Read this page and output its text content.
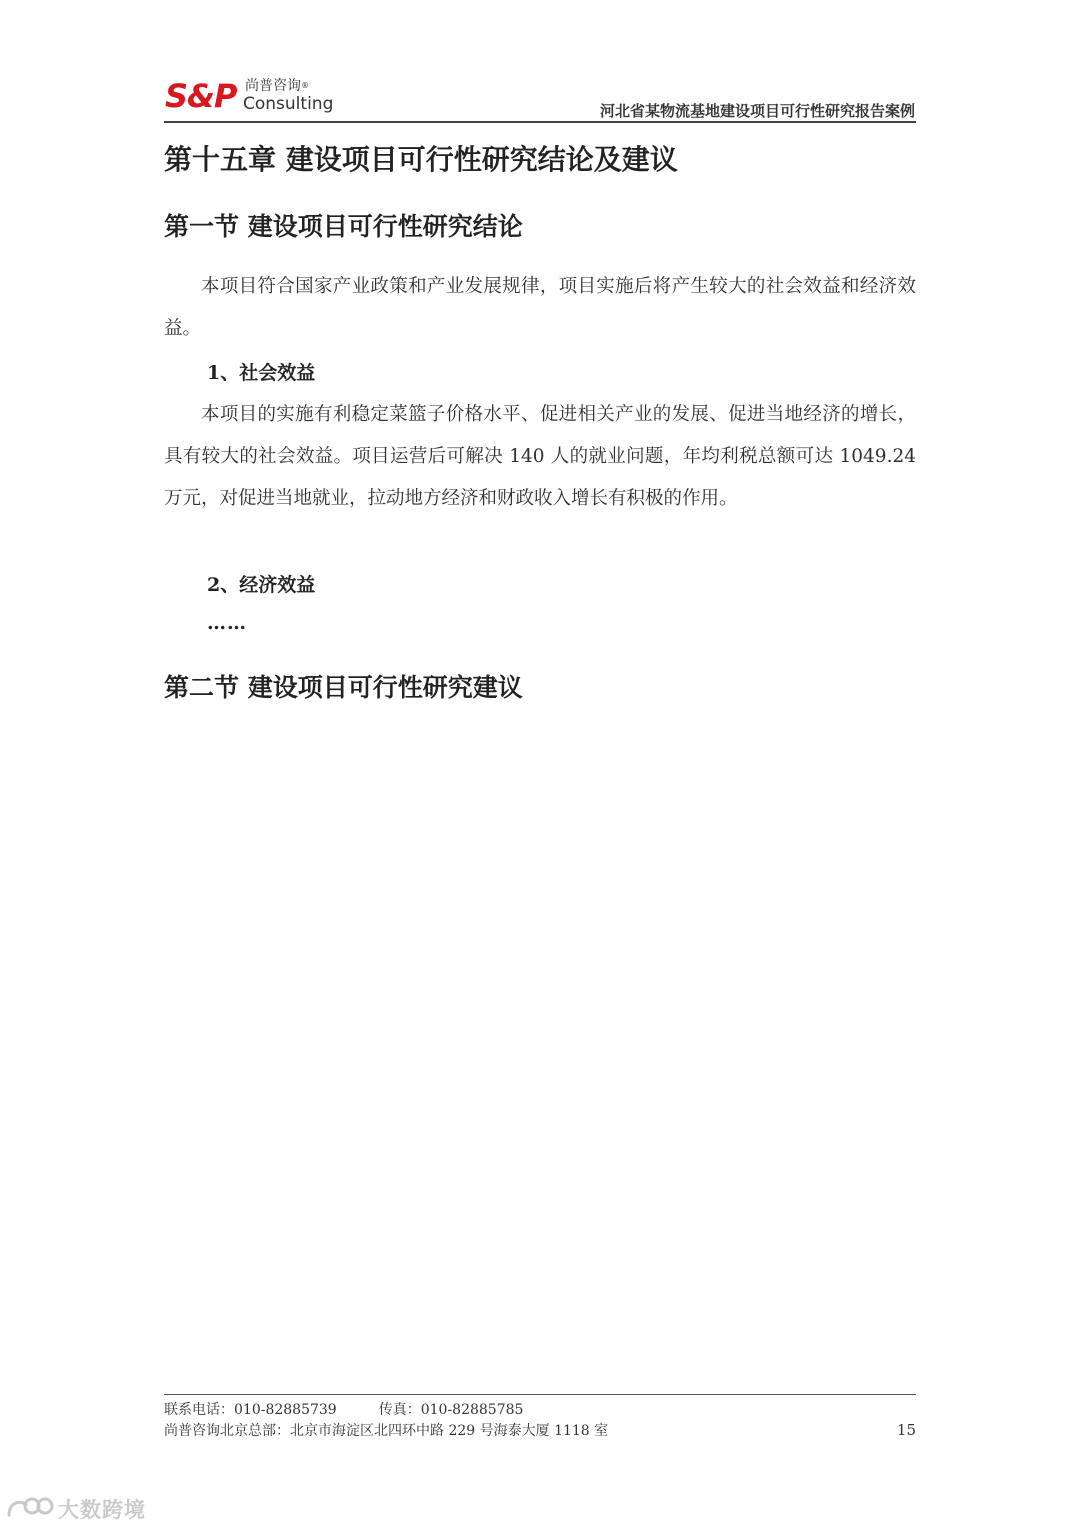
S&P 尚普咨询®
Consulting	河北省某物流基地建设项目可行性研究报告案例
第十五章 建设项目可行性研究结论及建议
第一节 建设项目可行性研究结论

本项目符合国家产业政策和产业发展规律，项目实施后将产生较大的社会效益和经济效益。

1、社会效益

本项目的实施有利稳定菜篮子价格水平、促进相关产业的发展、促进当地经济的增长，具有较大的社会效益。项目运营后可解决 140 人的就业问题，年均利税总额可达 1049.24 万元，对促进当地就业，拉动地方经济和财政收入增长有积极的作用。

2、经济效益
……
第二节 建设项目可行性研究建议
联系电话：010-82885739	传真：010-82885785
尚普咨询北京总部：北京市海淀区北四环中路 229 号海泰大厦 1118 室	15
大数跨境
